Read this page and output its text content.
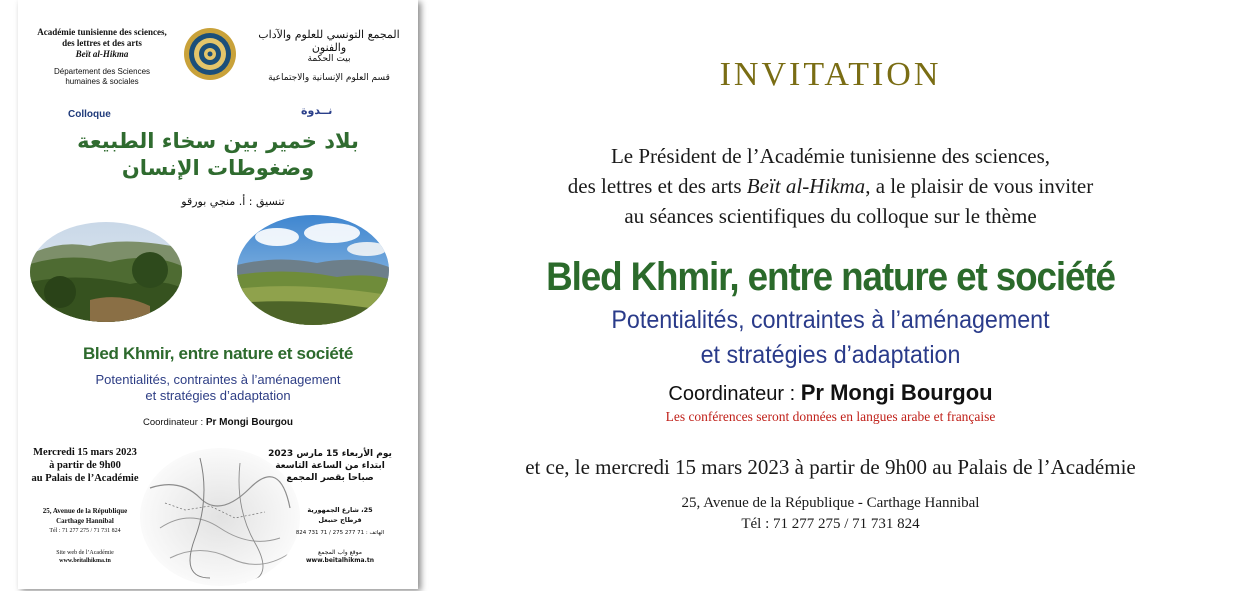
Académie tunisienne des sciences,
des lettres et des arts
Beït al-Hikma
Département des Sciences
humaines & sociales
المجمع التونسي للعلوم والآداب والفنون
بيت الحكمة
قسم العلوم الإنسانية والاجتماعية
Colloque	نــدوة
بلاد خمير بين سخاء الطبيعة
وضغوطات الإنسان
تنسيق : أ. منجي بورقو
Bled Khmir, entre nature et société
Potentialités, contraintes à l’aménagement
et stratégies d’adaptation
Coordinateur : Pr Mongi Bourgou
Mercredi 15 mars 2023
à partir de 9h00
au Palais de l’Académie
يوم الأربعاء 15 مارس 2023
ابتداء من الساعة التاسعة
صباحا بقصر المجمع
25, Avenue de la République
Carthage Hannibal
Tél : 71 277 275 / 71 731 824
Site web de l’Académie
www.beitalhikma.tn
25، شارع الجمهورية
قرطاج حنبعل
الهاتف : 71 277 275 / 71 731 824
موقع واب المجمع
www.beitalhikma.tn
INVITATION
Le Président de l’Académie tunisienne des sciences,
des lettres et des arts Beït al-Hikma, a le plaisir de vous inviter
au séances scientifiques du colloque sur le thème
Bled Khmir, entre nature et société
Potentialités, contraintes à l’aménagement
et stratégies d’adaptation
Coordinateur : Pr Mongi Bourgou
Les conférences seront données en langues arabe et française
et ce, le mercredi 15 mars 2023 à partir de 9h00 au Palais de l’Académie
25, Avenue de la République - Carthage Hannibal
Tél : 71 277 275 / 71 731 824
